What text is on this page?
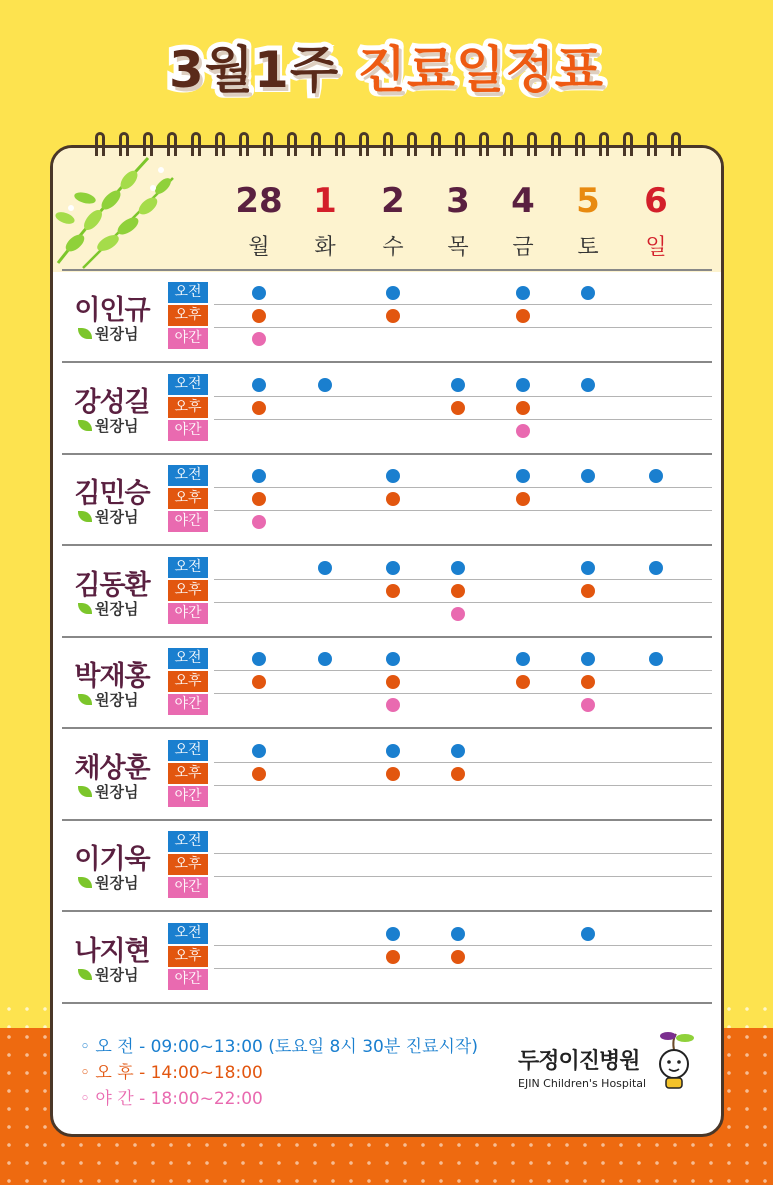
3월1주 진료일정표
28
월
1
화
2
수
3
목
4
금
5
토
6
일
이인규
원장님
오전
오후
야간
강성길
원장님
오전
오후
야간
김민승
원장님
오전
오후
야간
김동환
원장님
오전
오후
야간
박재홍
원장님
오전
오후
야간
채상훈
원장님
오전
오후
야간
이기욱
원장님
오전
오후
야간
나지현
원장님
오전
오후
야간
◦ 오 전 - 09:00~13:00 (토요일 8시 30분 진료시작)
◦ 오 후 - 14:00~18:00
◦ 야 간 - 18:00~22:00
두정이진병원
EJIN Children's Hospital
